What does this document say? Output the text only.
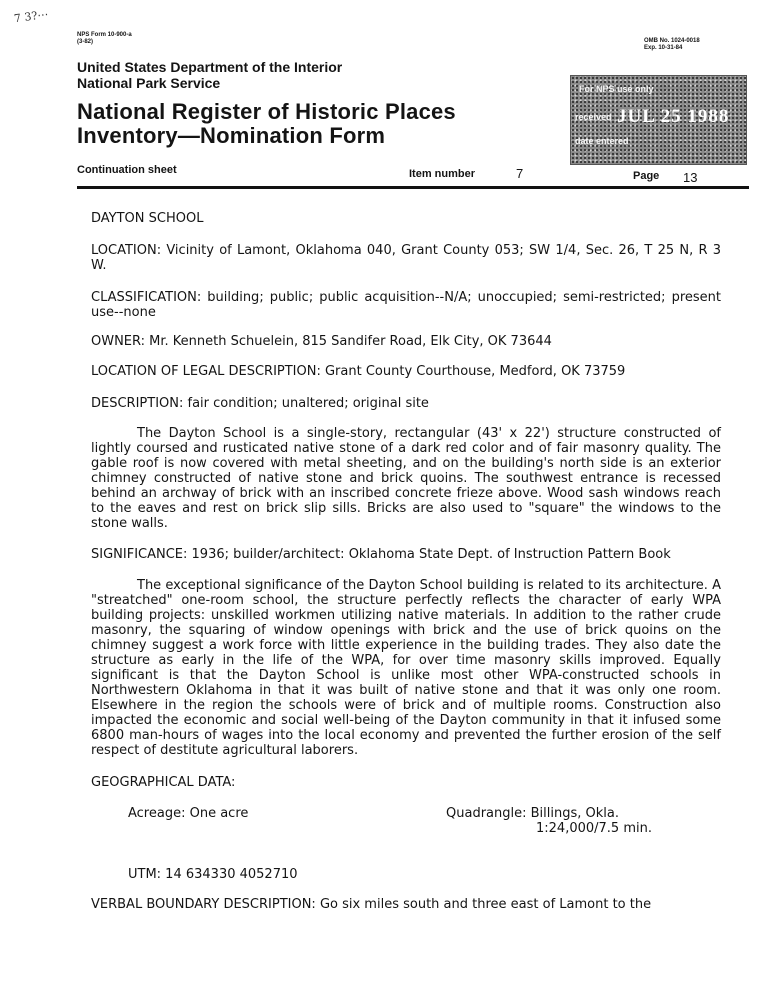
7 3?⋯
NPS Form 10-900-a
(3-82)	OMB No. 1024-0018
Exp. 10-31-84
United States Department of the Interior
National Park Service
National Register of Historic Places
Inventory—Nomination Form
For NPS use only
received JUL 25 1988
date entered
Continuation sheet	Item number	7	Page 13
DAYTON SCHOOL
LOCATION: Vicinity of Lamont, Oklahoma 040, Grant County 053; SW 1/4, Sec. 26, T 25 N, R 3 W.
CLASSIFICATION: building; public; public acquisition--N/A; unoccupied; semi-restricted; present use--none
OWNER: Mr. Kenneth Schuelein, 815 Sandifer Road, Elk City, OK 73644
LOCATION OF LEGAL DESCRIPTION: Grant County Courthouse, Medford, OK 73759
DESCRIPTION: fair condition; unaltered; original site
The Dayton School is a single-story, rectangular (43' x 22') structure constructed of lightly coursed and rusticated native stone of a dark red color and of fair masonry quality. The gable roof is now covered with metal sheeting, and on the building's north side is an exterior chimney constructed of native stone and brick quoins. The southwest entrance is recessed behind an archway of brick with an inscribed concrete frieze above. Wood sash windows reach to the eaves and rest on brick slip sills. Bricks are also used to "square" the windows to the stone walls.
SIGNIFICANCE: 1936; builder/architect: Oklahoma State Dept. of Instruction Pattern Book
The exceptional significance of the Dayton School building is related to its architecture. A "streatched" one-room school, the structure perfectly reflects the character of early WPA building projects: unskilled workmen utilizing native materials. In addition to the rather crude masonry, the squaring of window openings with brick and the use of brick quoins on the chimney suggest a work force with little experience in the building trades. They also date the structure as early in the life of the WPA, for over time masonry skills improved. Equally significant is that the Dayton School is unlike most other WPA-constructed schools in Northwestern Oklahoma in that it was built of native stone and that it was only one room. Elsewhere in the region the schools were of brick and of multiple rooms. Construction also impacted the economic and social well-being of the Dayton community in that it infused some 6800 man-hours of wages into the local economy and prevented the further erosion of the self respect of destitute agricultural laborers.
GEOGRAPHICAL DATA:
Acreage: One acre	Quadrangle: Billings, Okla.
1:24,000/7.5 min.
UTM: 14 634330 4052710
VERBAL BOUNDARY DESCRIPTION: Go six miles south and three east of Lamont to the
